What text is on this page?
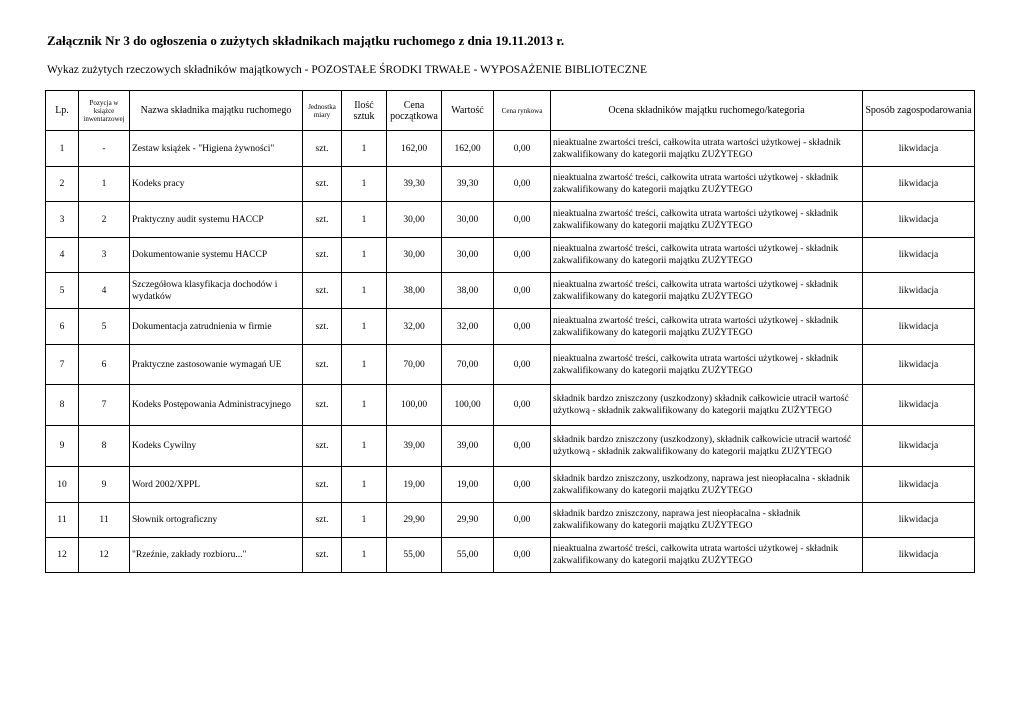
Załącznik Nr 3 do ogłoszenia o zużytych składnikach majątku ruchomego z dnia 19.11.2013 r.
Wykaz zużytych rzeczowych składników majątkowych - POZOSTAŁE ŚRODKI TRWAŁE - WYPOSAŻENIE BIBLIOTECZNE
Lp.	Pozycja w książce inwentarzowej	Nazwa składnika majątku ruchomego	Jednostka miary	Ilość sztuk	Cena początkowa	Wartość	Cena rynkowa	Ocena składników majątku ruchomego/kategoria	Sposób zagospodarowania
1	-	Zestaw książek - "Higiena żywności"	szt.	1	162,00	162,00	0,00	nieaktualne zwartości treści, całkowita utrata wartości użytkowej - składnik zakwalifikowany do kategorii majątku ZUŻYTEGO	likwidacja
2	1	Kodeks pracy	szt.	1	39,30	39,30	0,00	nieaktualna zwartość treści, całkowita utrata wartości użytkowej - składnik zakwalifikowany do kategorii majątku ZUŻYTEGO	likwidacja
3	2	Praktyczny audit systemu HACCP	szt.	1	30,00	30,00	0,00	nieaktualna zwartość treści, całkowita utrata wartości użytkowej - składnik zakwalifikowany do kategorii majątku ZUŻYTEGO	likwidacja
4	3	Dokumentowanie systemu HACCP	szt.	1	30,00	30,00	0,00	nieaktualna zwartość treści, całkowita utrata wartości użytkowej - składnik zakwalifikowany do kategorii majątku ZUŻYTEGO	likwidacja
5	4	Szczegółowa klasyfikacja dochodów i wydatków	szt.	1	38,00	38,00	0,00	nieaktualna zwartość treści, całkowita utrata wartości użytkowej - składnik zakwalifikowany do kategorii majątku ZUŻYTEGO	likwidacja
6	5	Dokumentacja zatrudnienia w firmie	szt.	1	32,00	32,00	0,00	nieaktualna zwartość treści, całkowita utrata wartości użytkowej - składnik zakwalifikowany do kategorii majątku ZUŻYTEGO	likwidacja
7	6	Praktyczne zastosowanie wymagań UE	szt.	1	70,00	70,00	0,00	nieaktualna zwartość treści, całkowita utrata wartości użytkowej - składnik zakwalifikowany do kategorii majątku ZUŻYTEGO	likwidacja
8	7	Kodeks Postępowania Administracyjnego	szt.	1	100,00	100,00	0,00	składnik bardzo zniszczony (uszkodzony) składnik całkowicie utracił wartość użytkową - składnik zakwalifikowany do kategorii majątku ZUŻYTEGO	likwidacja
9	8	Kodeks Cywilny	szt.	1	39,00	39,00	0,00	składnik bardzo zniszczony (uszkodzony), składnik całkowicie utracił wartość użytkową - składnik zakwalifikowany do kategorii majątku ZUŻYTEGO	likwidacja
10	9	Word 2002/XPPL	szt.	1	19,00	19,00	0,00	składnik bardzo zniszczony, uszkodzony, naprawa jest nieopłacalna - składnik zakwalifikowany do kategorii majątku ZUŻYTEGO	likwidacja
11	11	Słownik ortograficzny	szt.	1	29,90	29,90	0,00	składnik bardzo zniszczony, naprawa jest nieopłacalna - składnik zakwalifikowany do kategorii majątku ZUŻYTEGO	likwidacja
12	12	"Rzeźnie, zakłady rozbioru..."	szt.	1	55,00	55,00	0,00	nieaktualna zwartość treści, całkowita utrata wartości użytkowej - składnik zakwalifikowany do kategorii majątku ZUŻYTEGO	likwidacja
